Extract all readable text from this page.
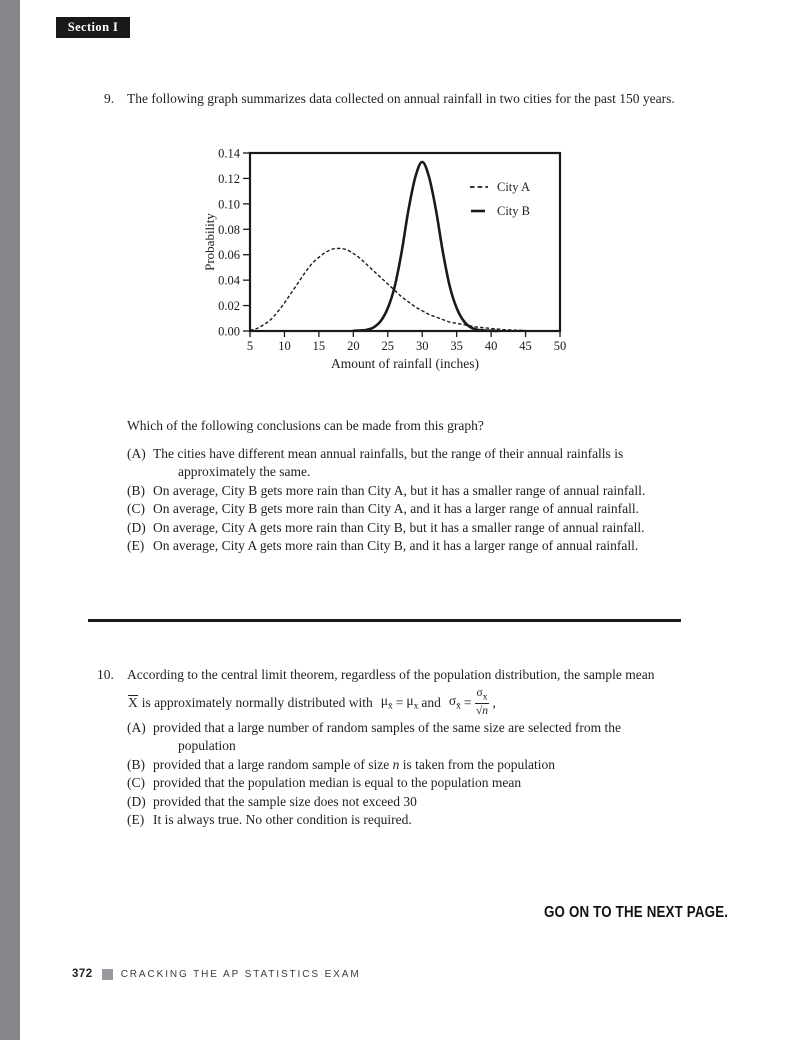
Section I
9. The following graph summarizes data collected on annual rainfall in two cities for the past 150 years.
0.00
0.02
0.04
0.06
0.08
0.10
0.12
0.14
5 10 15 20 25 30 35 40 45 50
Probability
Amount of rainfall (inches)
City A
City B
Which of the following conclusions can be made from this graph?
(A) The cities have different mean annual rainfalls, but the range of their annual rainfalls is
approximately the same.
(B) On average, City B gets more rain than City A, but it has a smaller range of annual rainfall.
(C) On average, City B gets more rain than City A, and it has a larger range of annual rainfall.
(D) On average, City A gets more rain than City B, but it has a smaller range of annual rainfall.
(E) On average, City A gets more rain than City B, and it has a larger range of annual rainfall.
10. According to the central limit theorem, regardless of the population distribution, the sample mean
X is approximately normally distributed with $\mu_{x̄} = \mu_x$ and $\sigma_{x̄} = \frac{\sigma_x}{√n}$ ,
(A) provided that a large number of random samples of the same size are selected from the
population
(B) provided that a large random sample of size n is taken from the population
(C) provided that the population median is equal to the population mean
(D) provided that the sample size does not exceed 30
(E) It is always true. No other condition is required.
GO ON TO THE NEXT PAGE.
372	CRACKING THE AP STATISTICS EXAM
